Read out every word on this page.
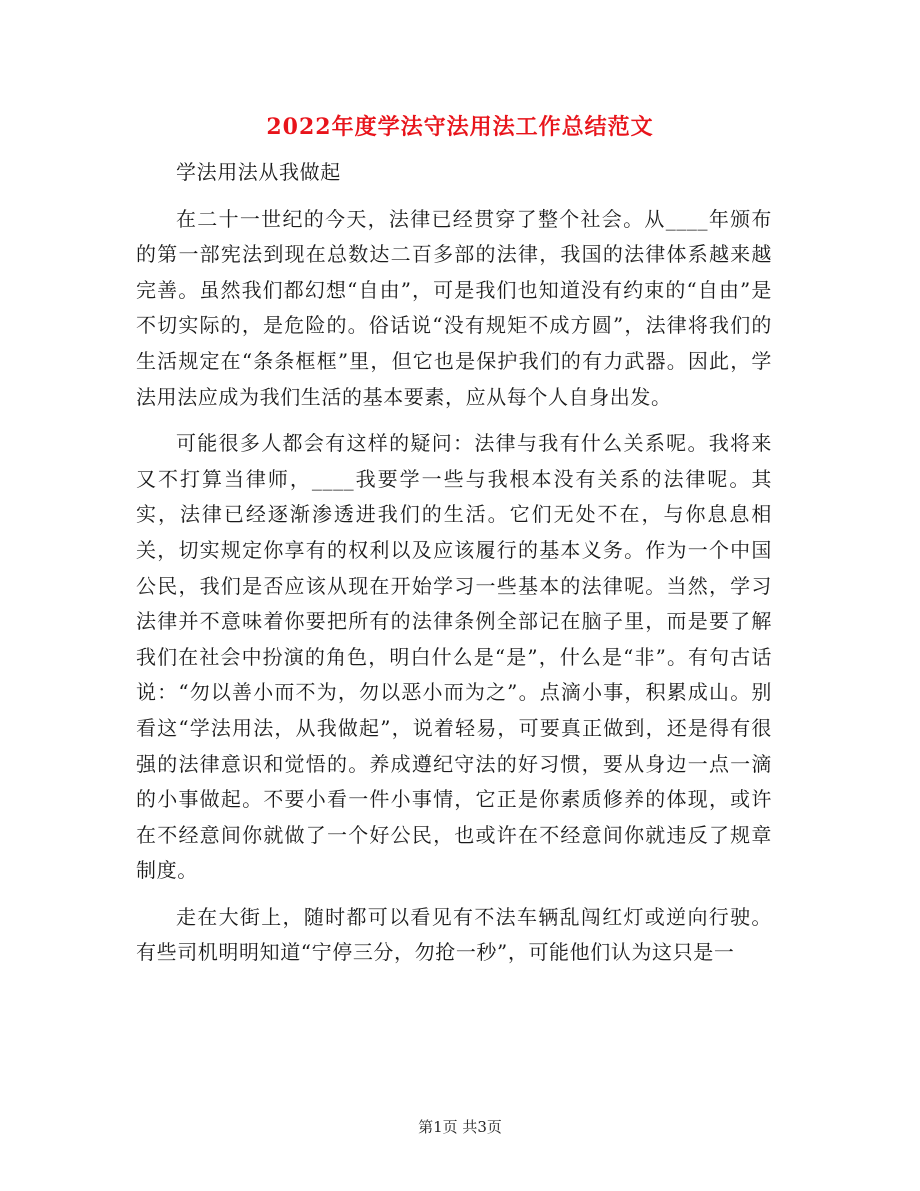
2022年度学法守法用法工作总结范文

学法用法从我做起

在二十一世纪的今天，法律已经贯穿了整个社会。从____年颁布的第一部宪法到现在总数达二百多部的法律，我国的法律体系越来越完善。虽然我们都幻想“自由”，可是我们也知道没有约束的“自由”是不切实际的，是危险的。俗话说“没有规矩不成方圆”，法律将我们的生活规定在“条条框框”里，但它也是保护我们的有力武器。因此，学法用法应成为我们生活的基本要素，应从每个人自身出发。

可能很多人都会有这样的疑问：法律与我有什么关系呢。我将来又不打算当律师，____我要学一些与我根本没有关系的法律呢。其实，法律已经逐渐渗透进我们的生活。它们无处不在，与你息息相关，切实规定你享有的权利以及应该履行的基本义务。作为一个中国公民，我们是否应该从现在开始学习一些基本的法律呢。当然，学习法律并不意味着你要把所有的法律条例全部记在脑子里，而是要了解我们在社会中扮演的角色，明白什么是“是”，什么是“非”。有句古话说：“勿以善小而不为，勿以恶小而为之”。点滴小事，积累成山。别看这“学法用法，从我做起”，说着轻易，可要真正做到，还是得有很强的法律意识和觉悟的。养成遵纪守法的好习惯，要从身边一点一滴的小事做起。不要小看一件小事情，它正是你素质修养的体现，或许在不经意间你就做了一个好公民，也或许在不经意间你就违反了规章制度。

走在大街上，随时都可以看见有不法车辆乱闯红灯或逆向行驶。有些司机明明知道“宁停三分，勿抢一秒”，可能他们认为这只是一

第1页 共3页
